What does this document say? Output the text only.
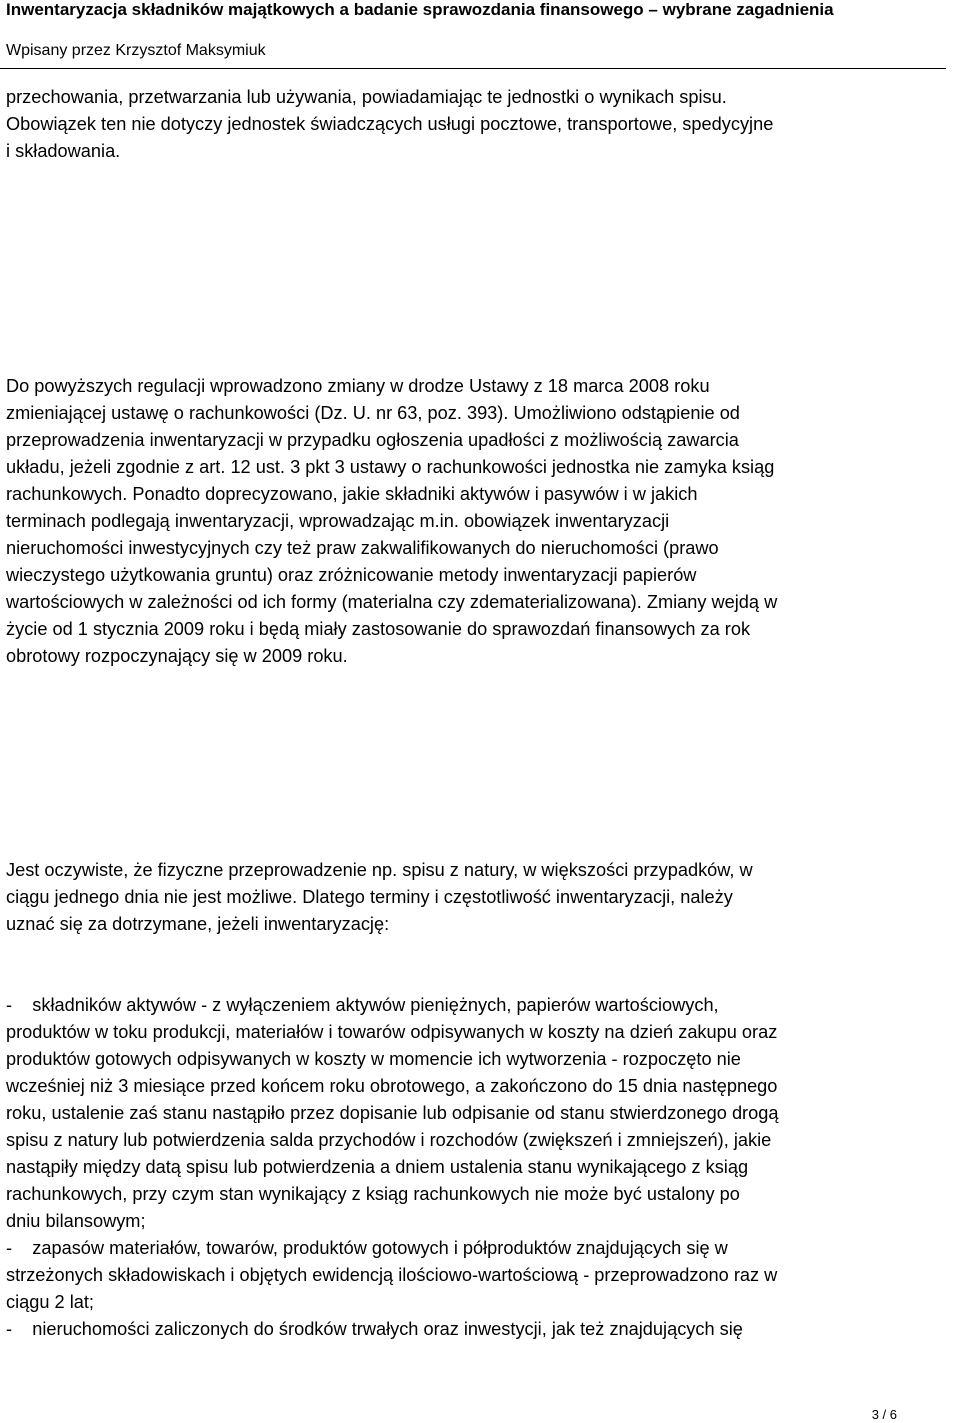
Inwentaryzacja składników majątkowych a badanie sprawozdania finansowego – wybrane zagadnienia
Wpisany przez Krzysztof Maksymiuk
przechowania, przetwarzania lub używania, powiadamiając te jednostki o wynikach spisu.
Obowiązek ten nie dotyczy jednostek świadczących usługi pocztowe, transportowe, spedycyjne
i składowania.
Do powyższych regulacji wprowadzono zmiany w drodze Ustawy z 18 marca 2008 roku
zmieniającej ustawę o rachunkowości (Dz. U. nr 63, poz. 393). Umożliwiono odstąpienie od
przeprowadzenia inwentaryzacji w przypadku ogłoszenia upadłości z możliwością zawarcia
układu, jeżeli zgodnie z art. 12 ust. 3 pkt 3 ustawy o rachunkowości jednostka nie zamyka ksiąg
rachunkowych. Ponadto doprecyzowano, jakie składniki aktywów i pasywów i w jakich
terminach podlegają inwentaryzacji, wprowadzając m.in. obowiązek inwentaryzacji
nieruchomości inwestycyjnych czy też praw zakwalifikowanych do nieruchomości (prawo
wieczystego użytkowania gruntu) oraz zróżnicowanie metody inwentaryzacji papierów
wartościowych w zależności od ich formy (materialna czy zdematerializowana). Zmiany wejdą w
życie od 1 stycznia 2009 roku i będą miały zastosowanie do sprawozdań finansowych za rok
obrotowy rozpoczynający się w 2009 roku.
Jest oczywiste, że fizyczne przeprowadzenie np. spisu z natury, w większości przypadków, w
ciągu jednego dnia nie jest możliwe. Dlatego terminy i częstotliwość inwentaryzacji, należy
uznać się za dotrzymane, jeżeli inwentaryzację:
-    składników aktywów - z wyłączeniem aktywów pieniężnych, papierów wartościowych,
produktów w toku produkcji, materiałów i towarów odpisywanych w koszty na dzień zakupu oraz
produktów gotowych odpisywanych w koszty w momencie ich wytworzenia - rozpoczęto nie
wcześniej niż 3 miesiące przed końcem roku obrotowego, a zakończono do 15 dnia następnego
roku, ustalenie zaś stanu nastąpiło przez dopisanie lub odpisanie od stanu stwierdzonego drogą
spisu z natury lub potwierdzenia salda przychodów i rozchodów (zwiększeń i zmniejszeń), jakie
nastąpiły między datą spisu lub potwierdzenia a dniem ustalenia stanu wynikającego z ksiąg
rachunkowych, przy czym stan wynikający z ksiąg rachunkowych nie może być ustalony po
dniu bilansowym;
-    zapasów materiałów, towarów, produktów gotowych i półproduktów znajdujących się w
strzeżonych składowiskach i objętych ewidencją ilościowo-wartościową - przeprowadzono raz w
ciągu 2 lat;
-    nieruchomości zaliczonych do środków trwałych oraz inwestycji, jak też znajdujących się
3 / 6
